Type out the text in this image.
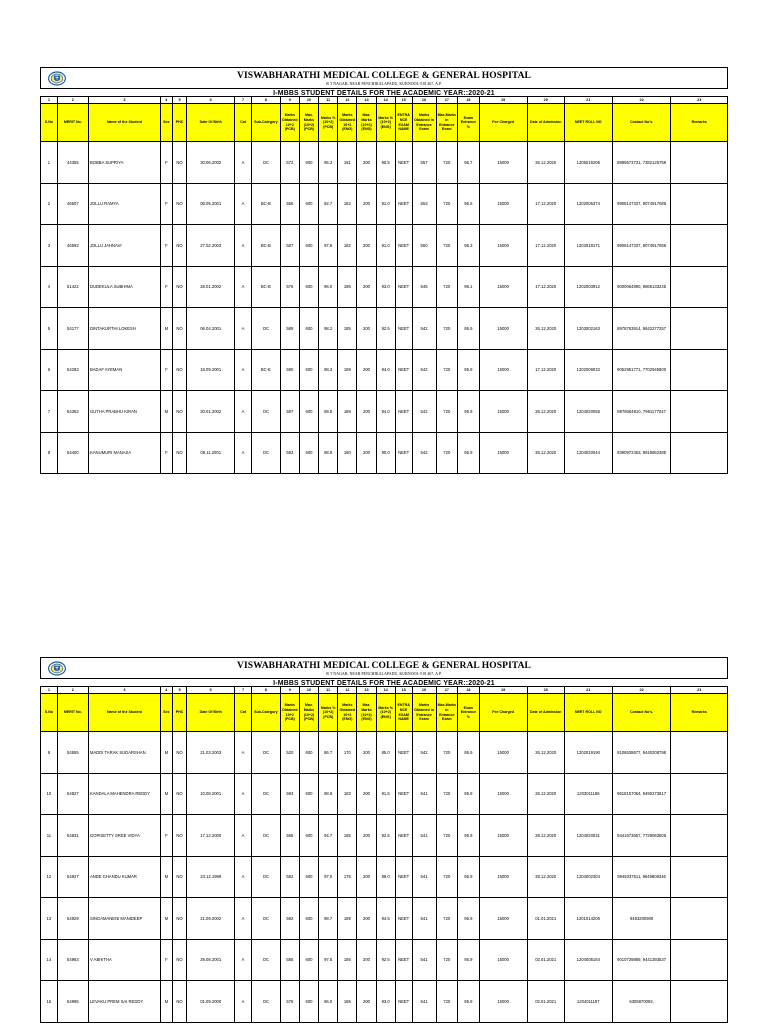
VISWABHARATHI MEDICAL COLLEGE & GENERAL HOSPITAL
R T NAGAR, NEAR PENCHIKALAPADU, KURNOOL-518 467. A.P.
I-MBBS STUDENT DETAILS FOR THE ACADEMIC YEAR::2020-21
1	2	3	4	5	6	7	8	9	10	11	12	13	14	15	16	17	18	19	20	21	22	23
S.No	MERIT No.	Name of the Student	Sex	PHC	Date Of Birth	Cat	Sub-Category	Marks Obtained 10+2 (PCB)	Max. Marks (10+2) (PCB)	Marks % (10+2) (PCB)	Marks Obtained 10+2 (ENG)	Max. Marks (10+2) (ENG)	Marks % (10+2) (ENG)	ENTRANCE EXAM NAME	Marks Obtained in Entrance Exam	Max.Marks in Entrance Exam	Exam Entrance %	Fee Charged	Date of Admission	NEET ROLL NO	Contact No's.	Remarks
1	44355	BOBBA SUPRIYA	F	NO	30.06.2002	A	OC	572	600	95.3	181	200	90.5	NEET	557	720	96.7	15000	26.12.2020	1205016206	8985673731, 7382126769	
2	46507	JOLLU RAMYA	F	NO	06.05.2001	A	BC-B	556	600	92.7	182	200	91.0	NEET	553	720	96.5	15000	17.12.2020	1202005374	9908147337, 8074917086	
3	46592	JOLLU JAHNAVI	F	NO	27.02.2003	A	BC-B	587	600	97.8	182	200	91.0	NEET	550	720	96.3	15000	17.12.2020	1203018171	9908147337, 8074917086	
4	51422	DUDEKULA SUBHIMA	F	NO	28.01.2002	A	BC-B	576	600	96.0	186	200	93.0	NEET	546	720	96.1	15000	17.12.2020	1202003912	9000064890, 9866133245	
5	54177	DINTAKURTHI LOKESH	M	NO	06.04.2001	A	OC	589	600	98.2	185	200	92.5	NEET	542	720	95.9	15000	26.12.2020	1203002163	8978763914, 9642277257	
6	54283	BADAF AYEMAN	F	NO	16.09.2001	A	BC-E	590	600	98.3	188	200	94.0	NEET	542	720	95.9	15000	17.12.2020	1202009032	9052951771, 7702945800	
7	54363	GUTHA PRABHU KIRAN	M	NO	30.01.2002	A	OC	597	600	99.5	188	200	94.0	NEET	542	720	95.9	15000	26.12.2020	1204020055	8978064810, 7981177047	
8	54400	KANUMURI MANASA	F	NO	09.11.2001	A	OC	593	600	98.8	180	200	90.0	NEET	542	720	95.9	15000	26.12.2020	1204020044	9390972453, 8919862385	
VISWABHARATHI MEDICAL COLLEGE & GENERAL HOSPITAL
R T NAGAR, NEAR PENCHIKALAPADU, KURNOOL-518 467. A.P.
I-MBBS STUDENT DETAILS FOR THE ACADEMIC YEAR::2020-21
1	2	3	4	5	6	7	8	9	10	11	12	13	14	15	16	17	18	19	20	21	22	23
S.No	MERIT No.	Name of the Student	Sex	PHC	Date Of Birth	Cat	Sub-Category	Marks Obtained 10+2 (PCB)	Max. Marks (10+2) (PCB)	Marks % (10+2) (PCB)	Marks Obtained 10+2 (ENG)	Max. Marks (10+2) (ENG)	Marks % (10+2) (ENG)	ENTRANCE EXAM NAME	Marks Obtained in Entrance Exam	Max.Marks in Entrance Exam	Exam Entrance %	Fee Charged	Date of Admission	NEET ROLL NO	Contact No's.	Remarks
9	54555	MADDI TARAK SUDARSHAN	M	NO	21.03.2003	A	OC	520	600	86.7	170	200	85.0	NEET	542	720	95.9	15000	26.12.2020	1202019190	8106538677, 9440208798	
10	54827	KANDALA MAHENDRA REDDY	M	NO	10.08.2001	A	OC	593	600	98.8	183	200	91.5	NEET	541	720	95.9	15000	26.12.2020	1203011186	9618157064, 9490273817	
11	54831	GOPISETTY SREE VIDYA	F	NO	17.12.2000	A	OC	568	600	94.7	185	200	92.5	NEET	541	720	95.9	15000	28.12.2020	1204020031	9441673657, 7729063606	
12	54927	ANDE CHANDU KUMAR	M	NO	23.12.1999	A	OC	582	600	97.0	178	200	89.0	NEET	541	720	95.9	15000	28.12.2020	1204002304	9949337511, 9849808346	
13	54929	SINGAMANENI MANIDEEP	M	NO	21.09.2002	A	OC	592	600	98.7	189	200	94.5	NEET	541	720	95.9	15000	01.01.2021	1201014206	9493200900	
14	54963	V ABHITHA	F	NO	29.08.2001	A	OC	585	600	97.5	185	200	92.5	NEET	541	720	95.9	15000	02.01.2021	1204005164	9010739889, 9441393537	
15	54995	LEVAKU PREM SAI REDDY	M	NO	01.09.2000	A	OC	576	600	96.0	186	200	93.0	NEET	541	720	95.9	15000	02.01.2021	1204011197	6305970092,	
